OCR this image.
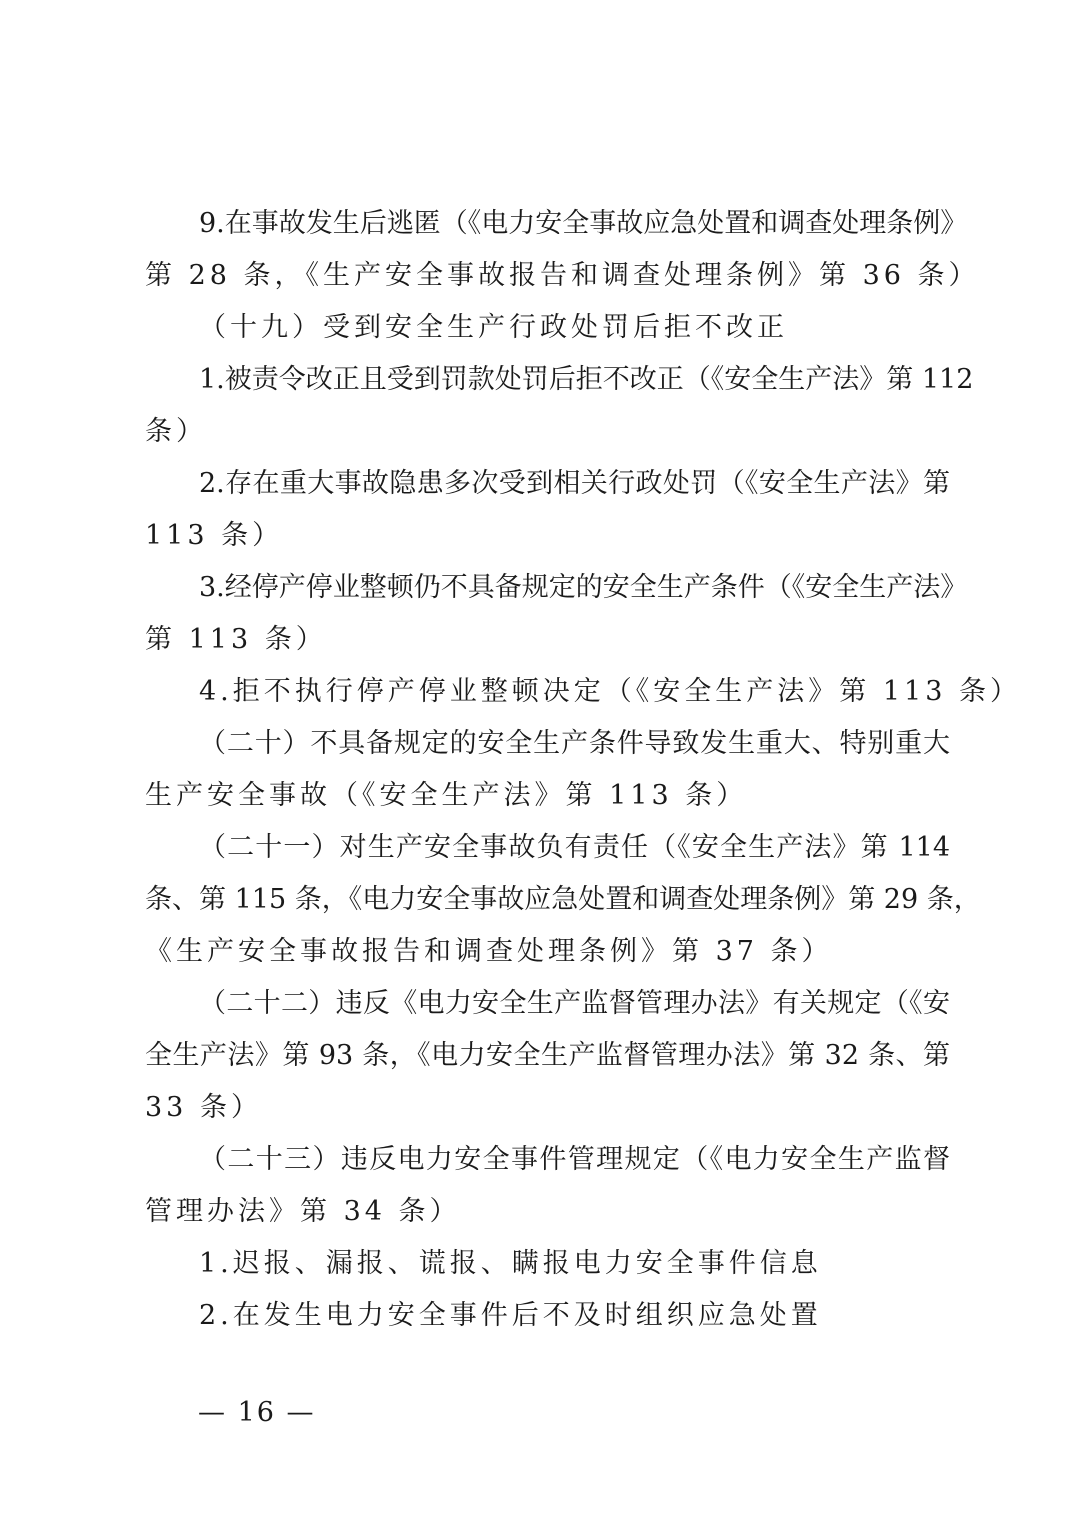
9.在事故发生后逃匿（《电力安全事故应急处置和调查处理条例》
第 28 条，《生产安全事故报告和调查处理条例》第 36 条）
（十九）受到安全生产行政处罚后拒不改正
1.被责令改正且受到罚款处罚后拒不改正（《安全生产法》第 112
条）
2.存在重大事故隐患多次受到相关行政处罚（《安全生产法》第
113 条）
3.经停产停业整顿仍不具备规定的安全生产条件（《安全生产法》
第 113 条）
4.拒不执行停产停业整顿决定（《安全生产法》第 113 条）
（二十）不具备规定的安全生产条件导致发生重大、特别重大
生产安全事故（《安全生产法》第 113 条）
（二十一）对生产安全事故负有责任（《安全生产法》第 114
条、第 115 条，《电力安全事故应急处置和调查处理条例》第 29 条，
《生产安全事故报告和调查处理条例》第 37 条）
（二十二）违反《电力安全生产监督管理办法》有关规定（《安
全生产法》第 93 条，《电力安全生产监督管理办法》第 32 条、第
33 条）
（二十三）违反电力安全事件管理规定（《电力安全生产监督
管理办法》第 34 条）
1.迟报、漏报、谎报、瞒报电力安全事件信息
2.在发生电力安全事件后不及时组织应急处置
— 16 —
